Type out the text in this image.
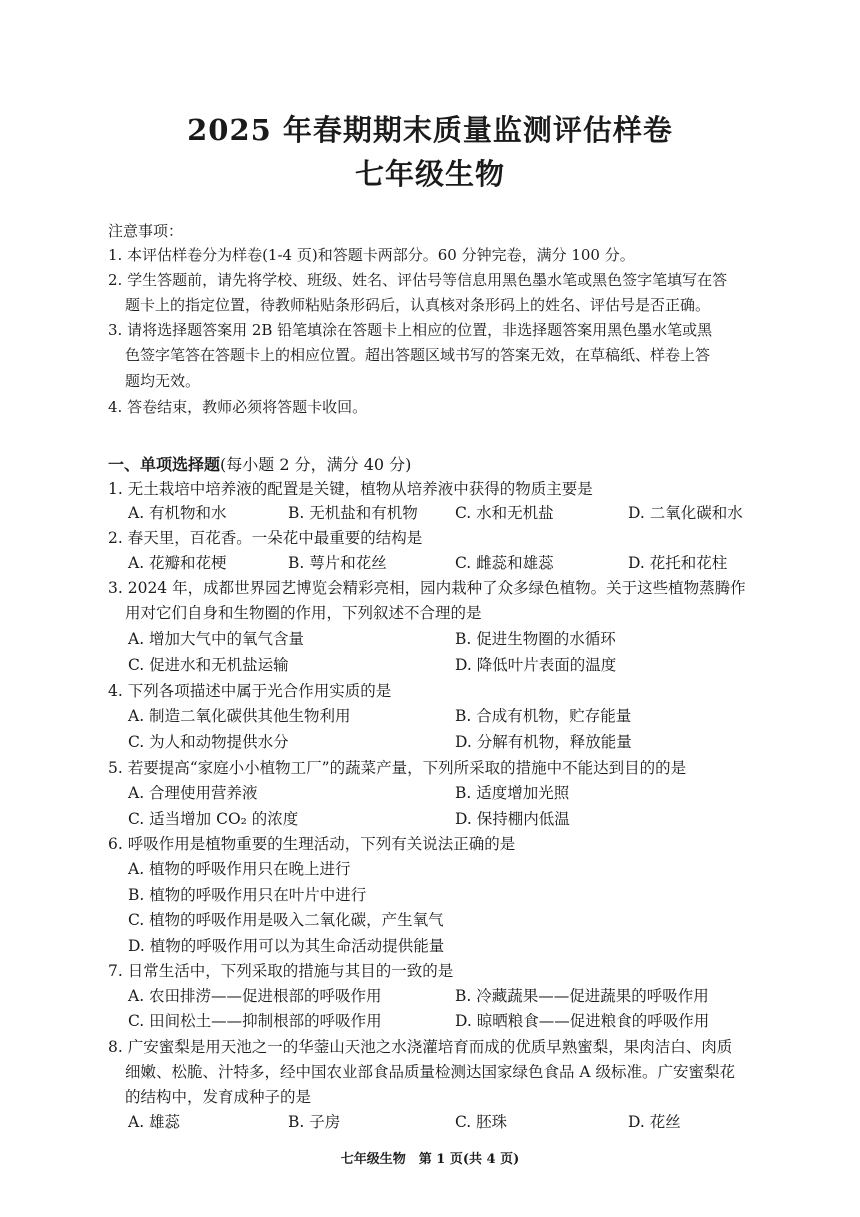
2025 年春期期末质量监测评估样卷
七年级生物
注意事项：
1. 本评估样卷分为样卷(1-4 页)和答题卡两部分。60 分钟完卷，满分 100 分。
2. 学生答题前，请先将学校、班级、姓名、评估号等信息用黑色墨水笔或黑色签字笔填写在答
题卡上的指定位置，待教师粘贴条形码后，认真核对条形码上的姓名、评估号是否正确。
3. 请将选择题答案用 2B 铅笔填涂在答题卡上相应的位置，非选择题答案用黑色墨水笔或黑
色签字笔答在答题卡上的相应位置。超出答题区域书写的答案无效，在草稿纸、样卷上答
题均无效。
4. 答卷结束，教师必须将答题卡收回。
一、单项选择题(每小题 2 分，满分 40 分)
1. 无土栽培中培养液的配置是关键，植物从培养液中获得的物质主要是
A. 有机物和水	B. 无机盐和有机物 C. 水和无机盐	D. 二氧化碳和水
2. 春天里，百花香。一朵花中最重要的结构是
A. 花瓣和花梗	B. 萼片和花丝	C. 雌蕊和雄蕊	D. 花托和花柱
3. 2024 年，成都世界园艺博览会精彩亮相，园内栽种了众多绿色植物。关于这些植物蒸腾作
用对它们自身和生物圈的作用，下列叙述不合理的是
A. 增加大气中的氧气含量	B. 促进生物圈的水循环
C. 促进水和无机盐运输	D. 降低叶片表面的温度
4. 下列各项描述中属于光合作用实质的是
A. 制造二氧化碳供其他生物利用	B. 合成有机物，贮存能量
C. 为人和动物提供水分	D. 分解有机物，释放能量
5. 若要提高“家庭小小植物工厂”的蔬菜产量，下列所采取的措施中不能达到目的的是
A. 合理使用营养液	B. 适度增加光照
C. 适当增加 CO₂ 的浓度	D. 保持棚内低温
6. 呼吸作用是植物重要的生理活动，下列有关说法正确的是
A. 植物的呼吸作用只在晚上进行
B. 植物的呼吸作用只在叶片中进行
C. 植物的呼吸作用是吸入二氧化碳，产生氧气
D. 植物的呼吸作用可以为其生命活动提供能量
7. 日常生活中，下列采取的措施与其目的一致的是
A. 农田排涝——促进根部的呼吸作用	B. 冷藏蔬果——促进蔬果的呼吸作用
C. 田间松土——抑制根部的呼吸作用	D. 晾晒粮食——促进粮食的呼吸作用
8. 广安蜜梨是用天池之一的华蓥山天池之水浇灌培育而成的优质早熟蜜梨，果肉洁白、肉质
细嫩、松脆、汁特多，经中国农业部食品质量检测达国家绿色食品 A 级标准。广安蜜梨花
的结构中，发育成种子的是
A. 雄蕊	B. 子房	C. 胚珠	D. 花丝
七年级生物　第 1 页(共 4 页)
